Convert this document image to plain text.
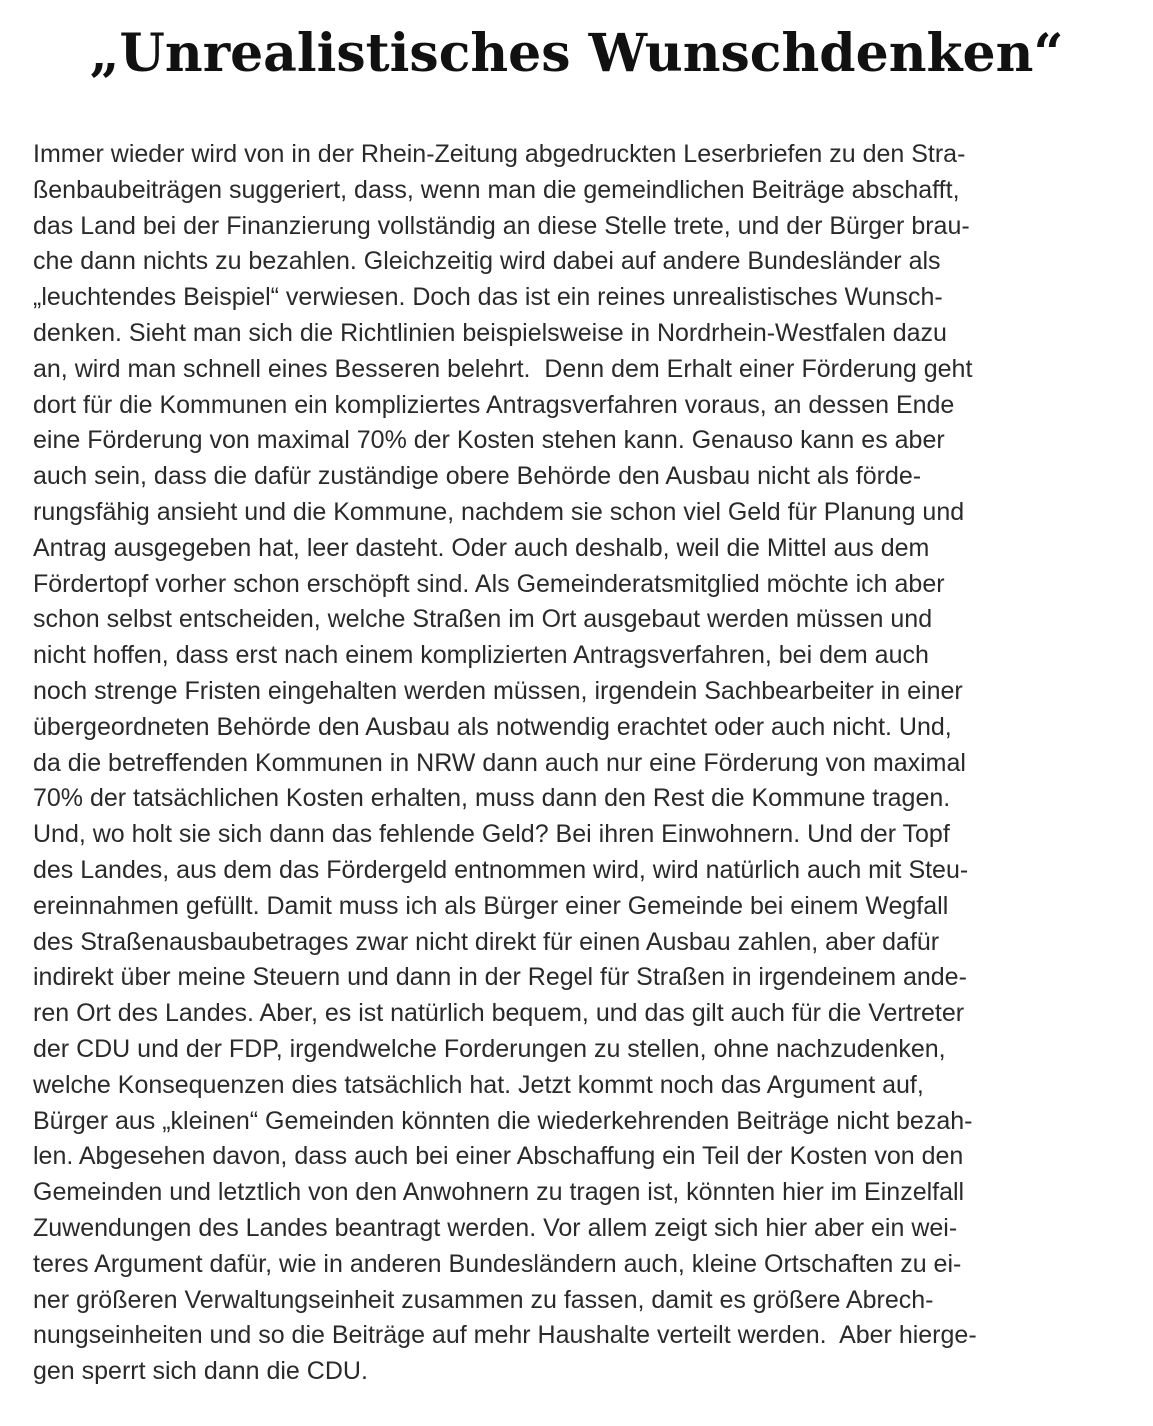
„Unrealistisches Wunschdenken“
Immer wieder wird von in der Rhein-Zeitung abgedruckten Leserbriefen zu den Stra-
ßenbaubeiträgen suggeriert, dass, wenn man die gemeindlichen Beiträge abschafft,
das Land bei der Finanzierung vollständig an diese Stelle trete, und der Bürger brau-
che dann nichts zu bezahlen. Gleichzeitig wird dabei auf andere Bundesländer als
„leuchtendes Beispiel“ verwiesen. Doch das ist ein reines unrealistisches Wunsch-
denken. Sieht man sich die Richtlinien beispielsweise in Nordrhein-Westfalen dazu
an, wird man schnell eines Besseren belehrt.  Denn dem Erhalt einer Förderung geht
dort für die Kommunen ein kompliziertes Antragsverfahren voraus, an dessen Ende
eine Förderung von maximal 70% der Kosten stehen kann. Genauso kann es aber
auch sein, dass die dafür zuständige obere Behörde den Ausbau nicht als förde-
rungsfähig ansieht und die Kommune, nachdem sie schon viel Geld für Planung und
Antrag ausgegeben hat, leer dasteht. Oder auch deshalb, weil die Mittel aus dem
Fördertopf vorher schon erschöpft sind. Als Gemeinderatsmitglied möchte ich aber
schon selbst entscheiden, welche Straßen im Ort ausgebaut werden müssen und
nicht hoffen, dass erst nach einem komplizierten Antragsverfahren, bei dem auch
noch strenge Fristen eingehalten werden müssen, irgendein Sachbearbeiter in einer
übergeordneten Behörde den Ausbau als notwendig erachtet oder auch nicht. Und,
da die betreffenden Kommunen in NRW dann auch nur eine Förderung von maximal
70% der tatsächlichen Kosten erhalten, muss dann den Rest die Kommune tragen.
Und, wo holt sie sich dann das fehlende Geld? Bei ihren Einwohnern. Und der Topf
des Landes, aus dem das Fördergeld entnommen wird, wird natürlich auch mit Steu-
ereinnahmen gefüllt. Damit muss ich als Bürger einer Gemeinde bei einem Wegfall
des Straßenausbaubetrages zwar nicht direkt für einen Ausbau zahlen, aber dafür
indirekt über meine Steuern und dann in der Regel für Straßen in irgendeinem ande-
ren Ort des Landes. Aber, es ist natürlich bequem, und das gilt auch für die Vertreter
der CDU und der FDP, irgendwelche Forderungen zu stellen, ohne nachzudenken,
welche Konsequenzen dies tatsächlich hat. Jetzt kommt noch das Argument auf,
Bürger aus „kleinen“ Gemeinden könnten die wiederkehrenden Beiträge nicht bezah-
len. Abgesehen davon, dass auch bei einer Abschaffung ein Teil der Kosten von den
Gemeinden und letztlich von den Anwohnern zu tragen ist, könnten hier im Einzelfall
Zuwendungen des Landes beantragt werden. Vor allem zeigt sich hier aber ein wei-
teres Argument dafür, wie in anderen Bundesländern auch, kleine Ortschaften zu ei-
ner größeren Verwaltungseinheit zusammen zu fassen, damit es größere Abrech-
nungseinheiten und so die Beiträge auf mehr Haushalte verteilt werden.  Aber hierge-
gen sperrt sich dann die CDU.
